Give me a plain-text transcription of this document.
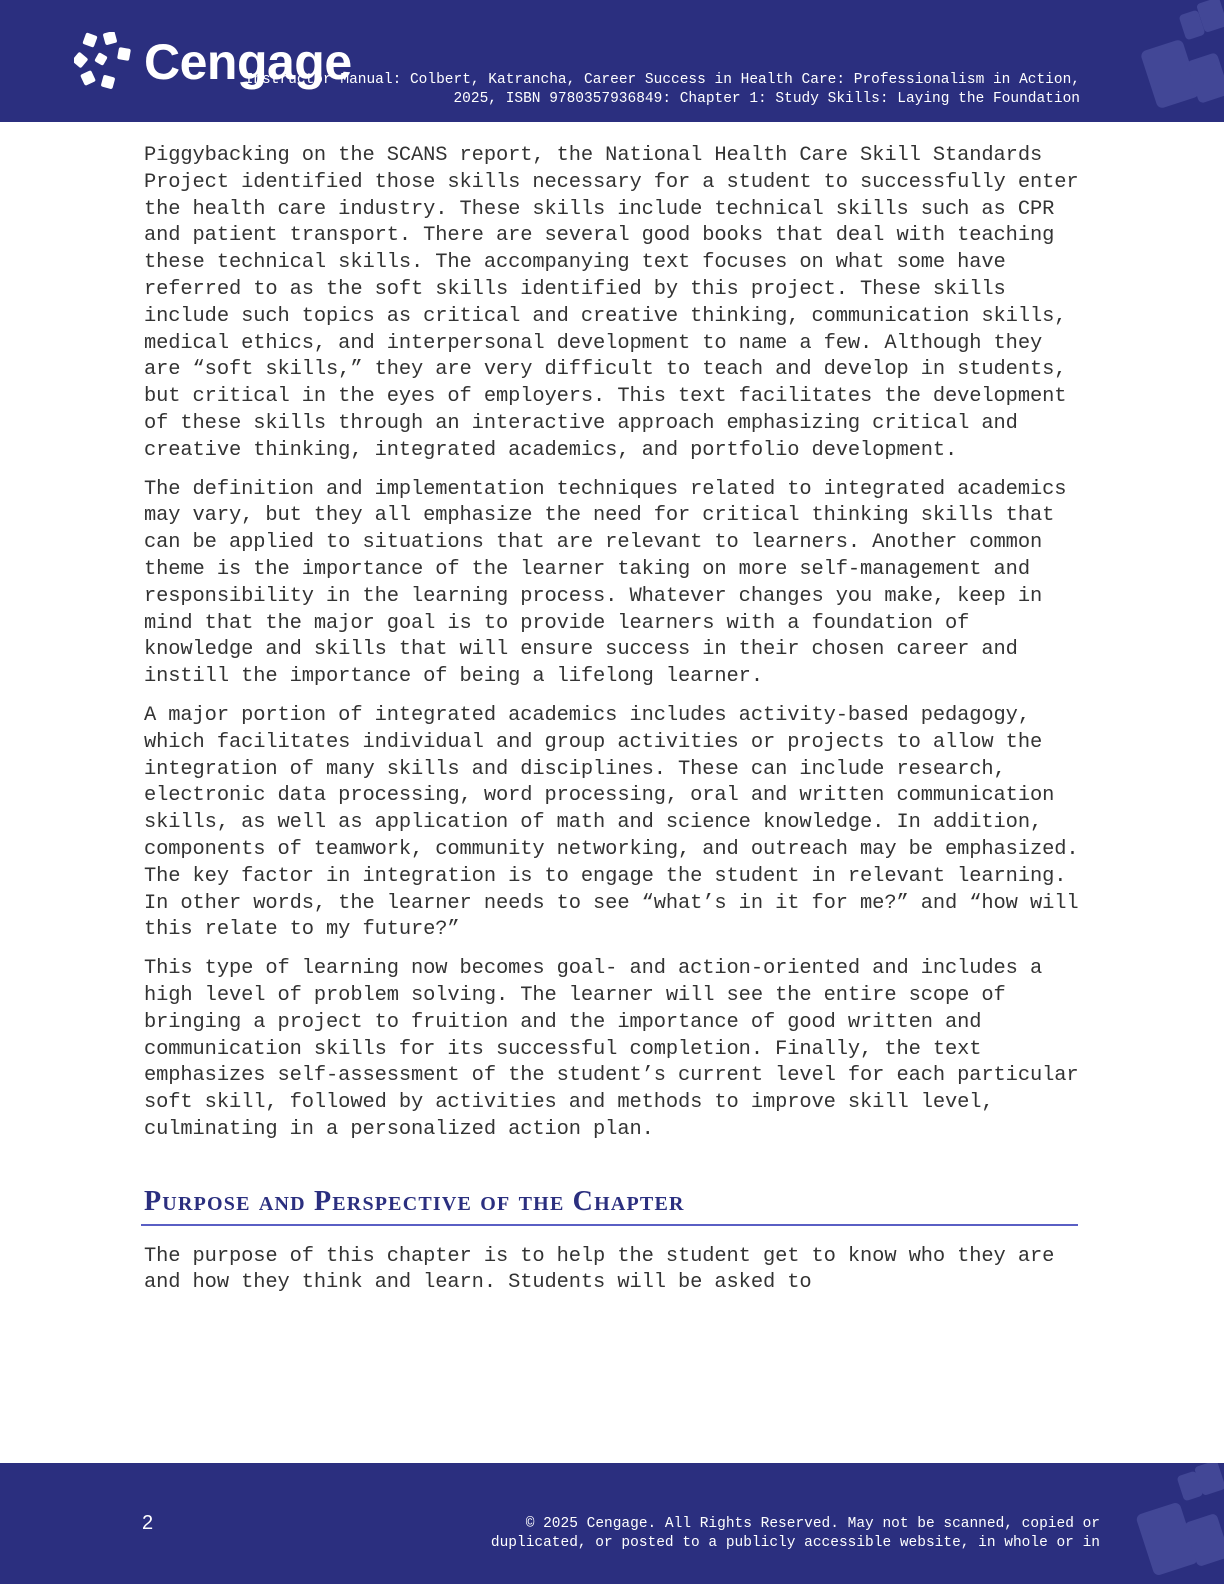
Cengage
Instructor Manual: Colbert, Katrancha, Career Success in Health Care: Professionalism in Action,
2025, ISBN 9780357936849: Chapter 1: Study Skills: Laying the Foundation

Piggybacking on the SCANS report, the National Health Care Skill Standards Project identified those skills necessary for a student to successfully enter the health care industry. These skills include technical skills such as CPR and patient transport. There are several good books that deal with teaching these technical skills. The accompanying text focuses on what some have referred to as the soft skills identified by this project. These skills include such topics as critical and creative thinking, communication skills, medical ethics, and interpersonal development to name a few. Although they are “soft skills,” they are very difficult to teach and develop in students, but critical in the eyes of employers. This text facilitates the development of these skills through an interactive approach emphasizing critical and creative thinking, integrated academics, and portfolio development.

The definition and implementation techniques related to integrated academics may vary, but they all emphasize the need for critical thinking skills that can be applied to situations that are relevant to learners. Another common theme is the importance of the learner taking on more self-management and responsibility in the learning process. Whatever changes you make, keep in mind that the major goal is to provide learners with a foundation of knowledge and skills that will ensure success in their chosen career and instill the importance of being a lifelong learner.

A major portion of integrated academics includes activity-based pedagogy, which facilitates individual and group activities or projects to allow the integration of many skills and disciplines. These can include research, electronic data processing, word processing, oral and written communication skills, as well as application of math and science knowledge. In addition, components of teamwork, community networking, and outreach may be emphasized. The key factor in integration is to engage the student in relevant learning. In other words, the learner needs to see “what’s in it for me?” and “how will this relate to my future?”

This type of learning now becomes goal- and action-oriented and includes a high level of problem solving. The learner will see the entire scope of bringing a project to fruition and the importance of good written and communication skills for its successful completion. Finally, the text emphasizes self-assessment of the student’s current level for each particular soft skill, followed by activities and methods to improve skill level, culminating in a personalized action plan.

Purpose and Perspective of the Chapter

The purpose of this chapter is to help the student get to know who they are and how they think and learn. Students will be asked to

2	© 2025 Cengage. All Rights Reserved. May not be scanned, copied or
duplicated, or posted to a publicly accessible website, in whole or in
